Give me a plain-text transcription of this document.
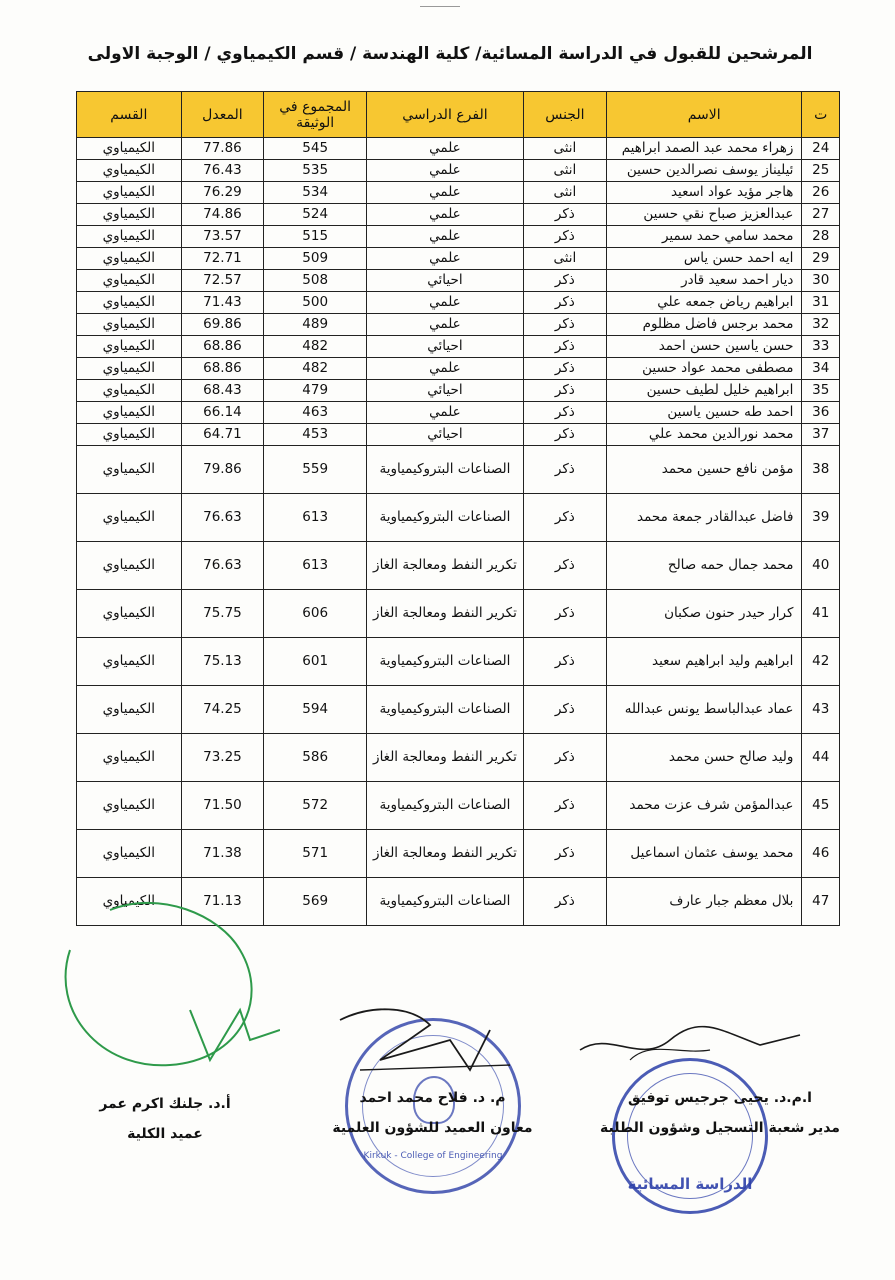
المرشحين للقبول في الدراسة المسائية/ كلية الهندسة / قسم الكيمياوي / الوجبة الاولى
ت	الاسم	الجنس	الفرع الدراسي	المجموع في الوثيقة	المعدل	القسم
24	زهراء محمد عبد الصمد ابراهيم	انثى	علمي	545	77.86	الكيمياوي
25	ئيليناز يوسف نصرالدين حسين	انثى	علمي	535	76.43	الكيمياوي
26	هاجر مؤيد عواد اسعيد	انثى	علمي	534	76.29	الكيمياوي
27	عبدالعزيز صباح نقي حسين	ذكر	علمي	524	74.86	الكيمياوي
28	محمد سامي حمد سمير	ذكر	علمي	515	73.57	الكيمياوي
29	ايه احمد حسن ياس	انثى	علمي	509	72.71	الكيمياوي
30	ديار احمد سعيد قادر	ذكر	احيائي	508	72.57	الكيمياوي
31	ابراهيم رياض جمعه علي	ذكر	علمي	500	71.43	الكيمياوي
32	محمد برجس فاضل مظلوم	ذكر	علمي	489	69.86	الكيمياوي
33	حسن ياسين حسن احمد	ذكر	احيائي	482	68.86	الكيمياوي
34	مصطفى محمد عواد حسين	ذكر	علمي	482	68.86	الكيمياوي
35	ابراهيم خليل لطيف حسين	ذكر	احيائي	479	68.43	الكيمياوي
36	احمد طه حسين ياسين	ذكر	علمي	463	66.14	الكيمياوي
37	محمد نورالدين محمد علي	ذكر	احيائي	453	64.71	الكيمياوي
38	مؤمن نافع حسين محمد	ذكر	الصناعات البتروكيمياوية	559	79.86	الكيمياوي
39	فاضل عبدالقادر جمعة محمد	ذكر	الصناعات البتروكيمياوية	613	76.63	الكيمياوي
40	محمد جمال حمه صالح	ذكر	تكرير النفط ومعالجة الغاز	613	76.63	الكيمياوي
41	كرار حيدر حنون صكبان	ذكر	تكرير النفط ومعالجة الغاز	606	75.75	الكيمياوي
42	ابراهيم وليد ابراهيم سعيد	ذكر	الصناعات البتروكيمياوية	601	75.13	الكيمياوي
43	عماد عبدالباسط يونس عبدالله	ذكر	الصناعات البتروكيمياوية	594	74.25	الكيمياوي
44	وليد صالح حسن محمد	ذكر	تكرير النفط ومعالجة الغاز	586	73.25	الكيمياوي
45	عبدالمؤمن شرف عزت محمد	ذكر	الصناعات البتروكيمياوية	572	71.50	الكيمياوي
46	محمد يوسف عثمان اسماعيل	ذكر	تكرير النفط ومعالجة الغاز	571	71.38	الكيمياوي
47	بلال معظم جبار عارف	ذكر	الصناعات البتروكيمياوية	569	71.13	الكيمياوي
الدراسة المسائية
ا.م.د. يحيى جرجيس توفيق
مدير شعبة التسجيل وشؤون الطلبة
Kirkuk - College of Engineering
م. د. فلاح محمد احمد
معاون العميد للشؤون العلمية
أ.د. جلنك اكرم عمر
عميد الكلية
